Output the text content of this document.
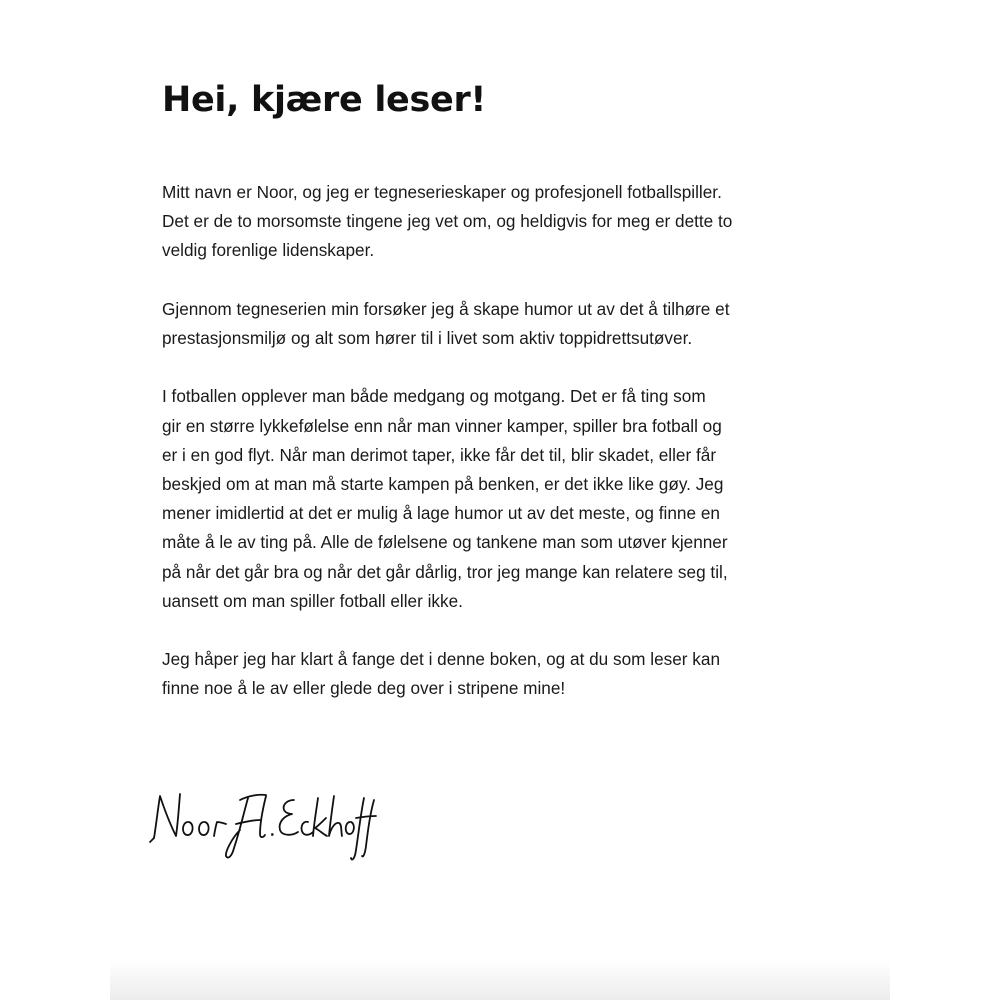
Hei, kjære leser!

Mitt navn er Noor, og jeg er tegneserieskaper og profesjonell fotballspiller.
Det er de to morsomste tingene jeg vet om, og heldigvis for meg er dette to
veldig forenlige lidenskaper.

Gjennom tegneserien min forsøker jeg å skape humor ut av det å tilhøre et
prestasjonsmiljø og alt som hører til i livet som aktiv toppidrettsutøver.

I fotballen opplever man både medgang og motgang. Det er få ting som
gir en større lykkefølelse enn når man vinner kamper, spiller bra fotball og
er i en god flyt. Når man derimot taper, ikke får det til, blir skadet, eller får
beskjed om at man må starte kampen på benken, er det ikke like gøy. Jeg
mener imidlertid at det er mulig å lage humor ut av det meste, og finne en
måte å le av ting på. Alle de følelsene og tankene man som utøver kjenner
på når det går bra og når det går dårlig, tror jeg mange kan relatere seg til,
uansett om man spiller fotball eller ikke.

Jeg håper jeg har klart å fange det i denne boken, og at du som leser kan
finne noe å le av eller glede deg over i stripene mine!
